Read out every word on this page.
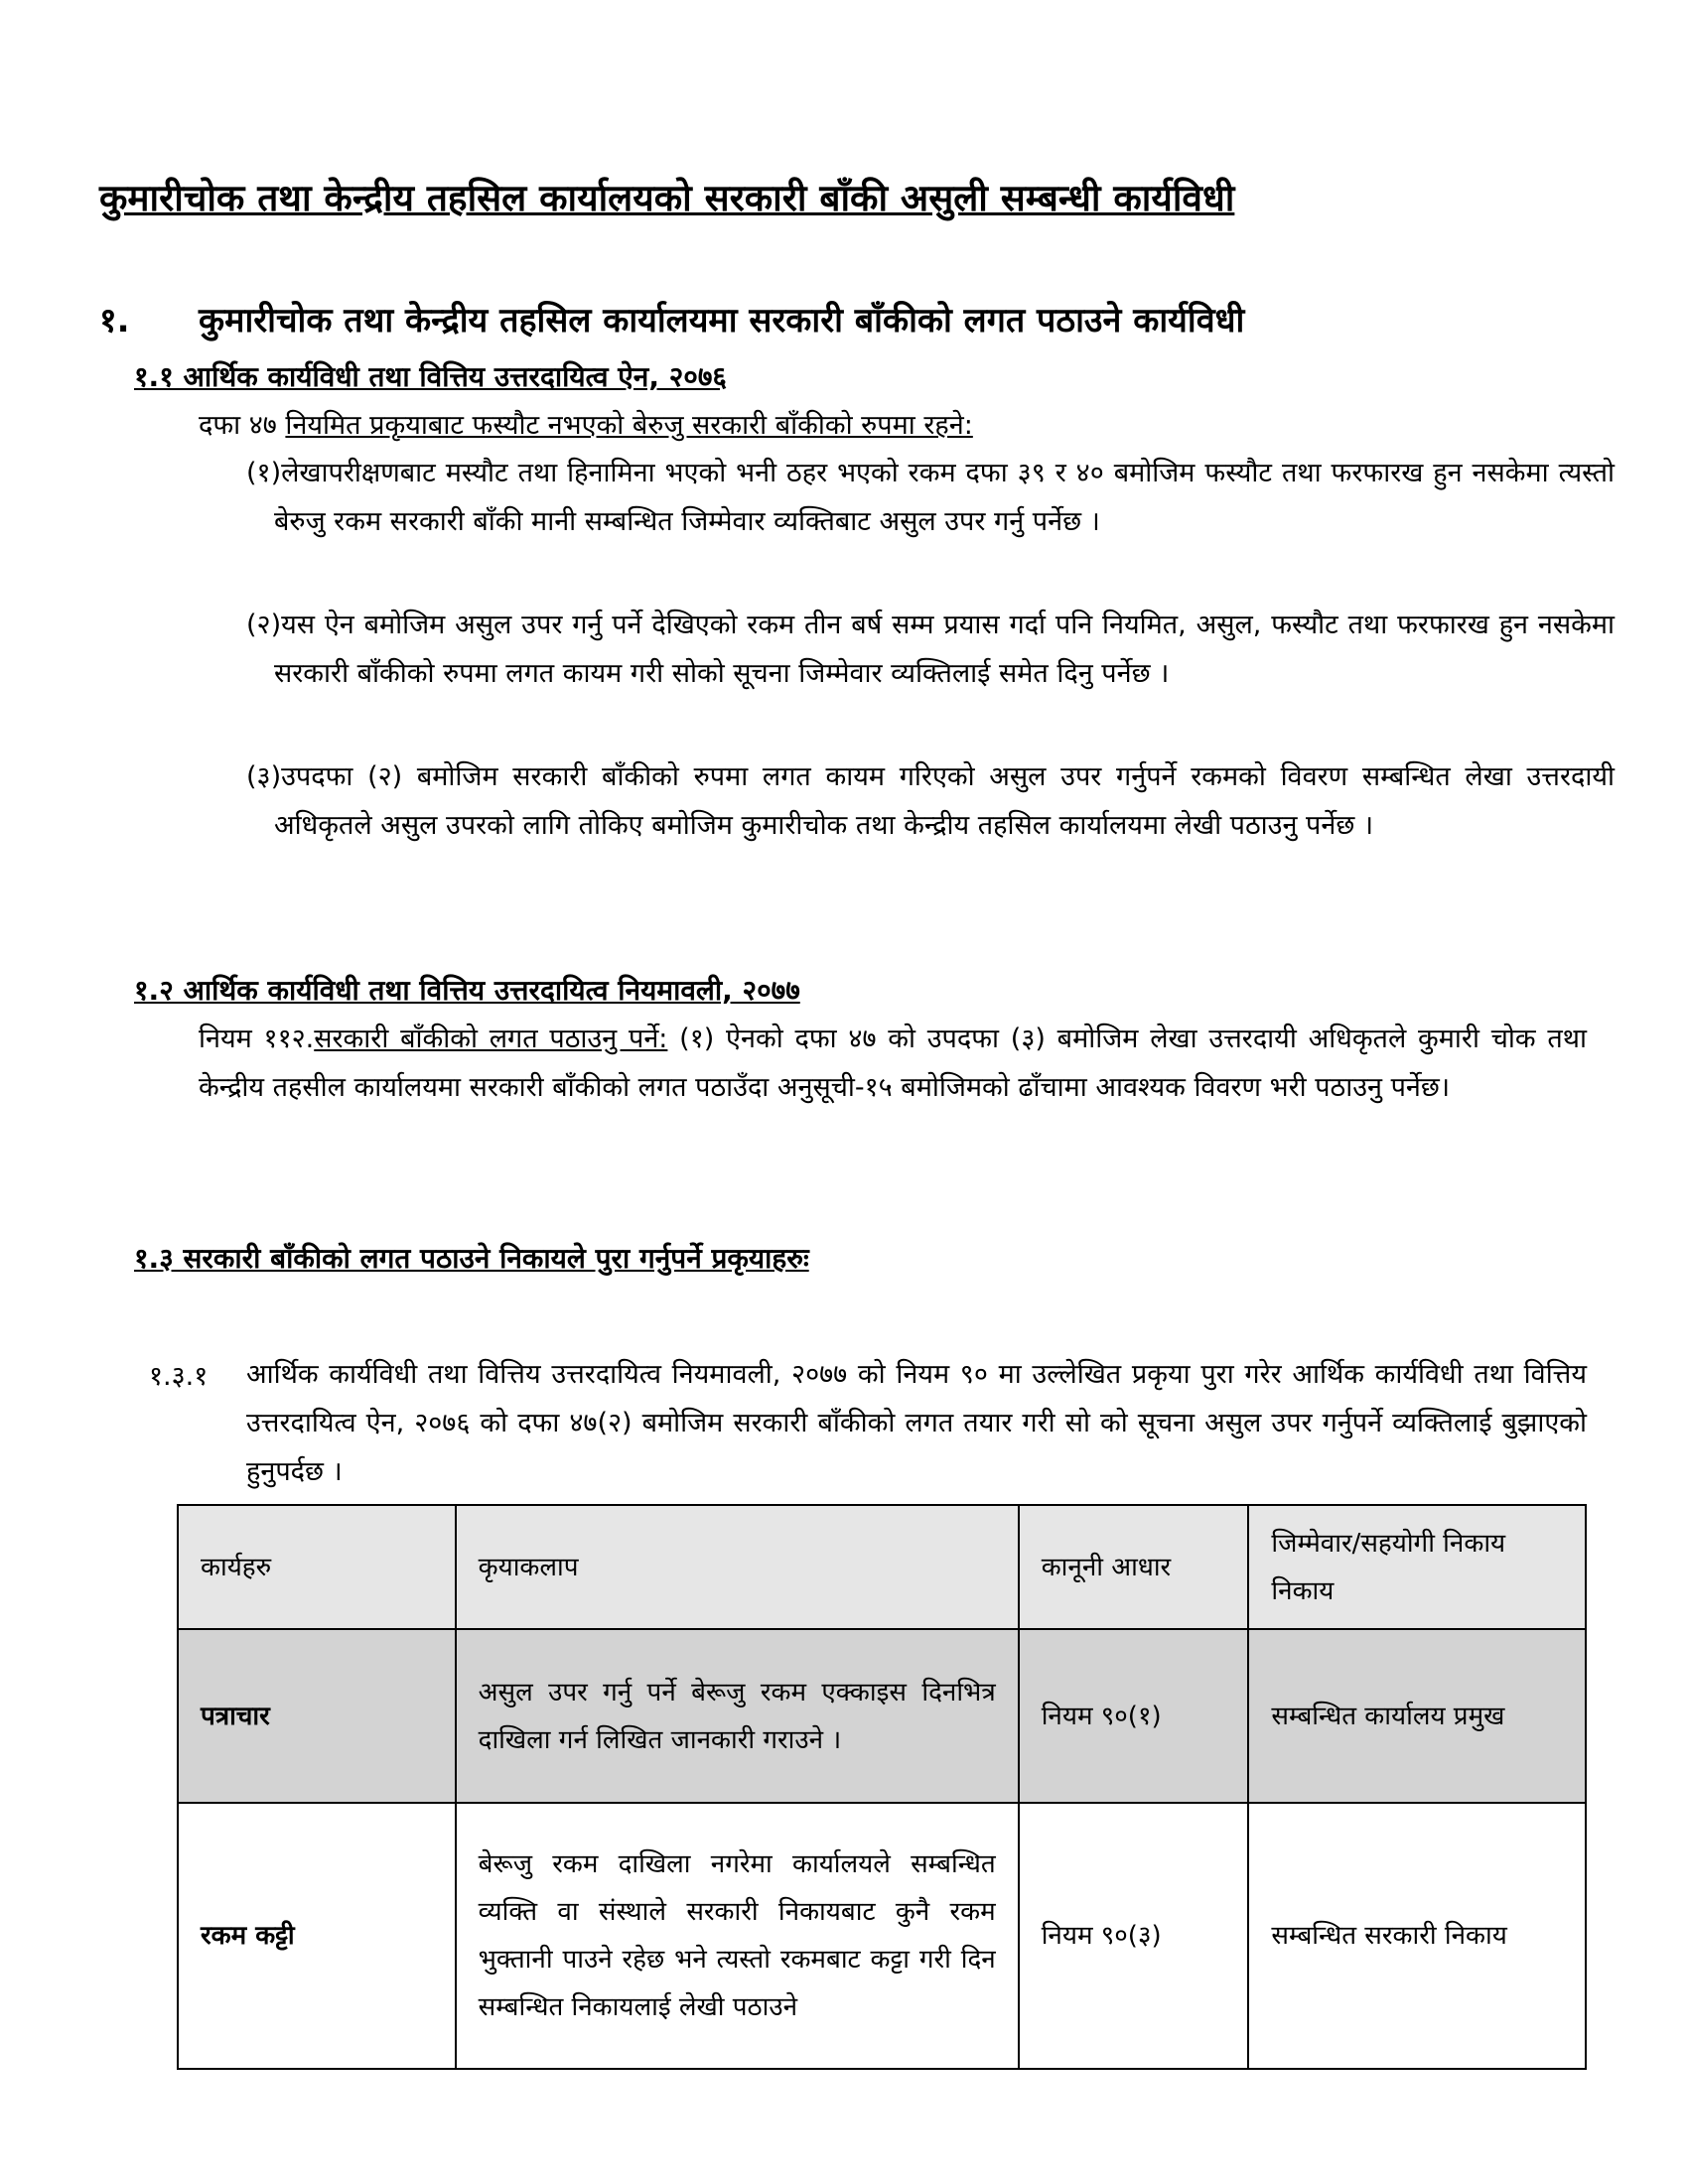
कुमारीचोक तथा केन्द्रीय तहसिल कार्यालयको सरकारी बाँकी असुली सम्बन्धी कार्यविधी
१. कुमारीचोक तथा केन्द्रीय तहसिल कार्यालयमा सरकारी बाँकीको लगत पठाउने कार्यविधी
१.१ आर्थिक कार्यविधी तथा वित्तिय उत्तरदायित्व ऐन, २०७६
दफा ४७ नियमित प्रकृयाबाट फस्यौट नभएको बेरुजु सरकारी बाँकीको रुपमा रहने:
(१)लेखापरीक्षणबाट मस्यौट तथा हिनामिना भएको भनी ठहर भएको रकम दफा ३९ र ४० बमोजिम फस्यौट तथा फरफारख हुन नसकेमा त्यस्तो बेरुजु रकम सरकारी बाँकी मानी सम्बन्धित जिम्मेवार व्यक्तिबाट असुल उपर गर्नु पर्नेछ ।
(२)यस ऐन बमोजिम असुल उपर गर्नु पर्ने देखिएको रकम तीन बर्ष सम्म प्रयास गर्दा पनि नियमित, असुल, फस्यौट तथा फरफारख हुन नसकेमा सरकारी बाँकीको रुपमा लगत कायम गरी सोको सूचना जिम्मेवार व्यक्तिलाई समेत दिनु पर्नेछ ।
(३)उपदफा (२) बमोजिम सरकारी बाँकीको रुपमा लगत कायम गरिएको असुल उपर गर्नुपर्ने रकमको विवरण सम्बन्धित लेखा उत्तरदायी अधिकृतले असुल उपरको लागि तोकिए बमोजिम कुमारीचोक तथा केन्द्रीय तहसिल कार्यालयमा लेखी पठाउनु पर्नेछ ।
१.२ आर्थिक कार्यविधी तथा वित्तिय उत्तरदायित्व नियमावली, २०७७
नियम ११२.सरकारी बाँकीको लगत पठाउनु पर्ने: (१) ऐनको दफा ४७ को उपदफा (३) बमोजिम लेखा उत्तरदायी अधिकृतले कुमारी चोक तथा केन्द्रीय तहसील कार्यालयमा सरकारी बाँकीको लगत पठाउँदा अनुसूची-१५ बमोजिमको ढाँचामा आवश्यक विवरण भरी पठाउनु पर्नेछ।
१.३ सरकारी बाँकीको लगत पठाउने निकायले पुरा गर्नुपर्ने प्रकृयाहरुः
१.३.१ आर्थिक कार्यविधी तथा वित्तिय उत्तरदायित्व नियमावली, २०७७ को नियम ९० मा उल्लेखित प्रकृया पुरा गरेर आर्थिक कार्यविधी तथा वित्तिय उत्तरदायित्व ऐन, २०७६ को दफा ४७(२) बमोजिम सरकारी बाँकीको लगत तयार गरी सो को सूचना असुल उपर गर्नुपर्ने व्यक्तिलाई बुझाएको हुनुपर्दछ ।
कार्यहरु	कृयाकलाप	कानूनी आधार	जिम्मेवार/सहयोगी निकाय निकाय
पत्राचार	असुल उपर गर्नु पर्ने बेरूजु रकम एक्काइस दिनभित्र दाखिला गर्न लिखित जानकारी गराउने ।	नियम ९०(१)	सम्बन्धित कार्यालय प्रमुख
रकम कट्टी	बेरूजु रकम दाखिला नगरेमा कार्यालयले सम्बन्धित व्यक्ति वा संस्थाले सरकारी निकायबाट कुनै रकम भुक्तानी पाउने रहेछ भने त्यस्तो रकमबाट कट्टा गरी दिन सम्बन्धित निकायलाई लेखी पठाउने	नियम ९०(३)	सम्बन्धित सरकारी निकाय
